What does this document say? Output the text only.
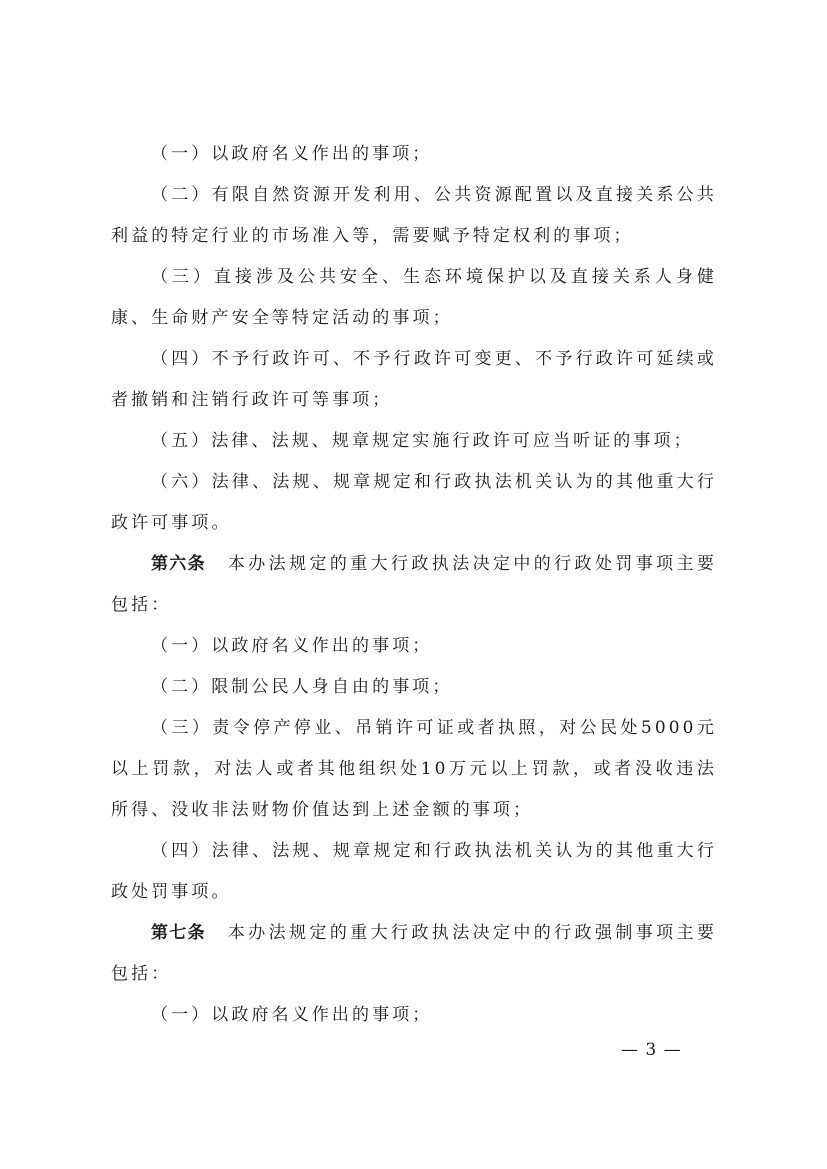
（一）以政府名义作出的事项；

（二）有限自然资源开发利用、公共资源配置以及直接关系公共利益的特定行业的市场准入等，需要赋予特定权利的事项；

（三）直接涉及公共安全、生态环境保护以及直接关系人身健康、生命财产安全等特定活动的事项；

（四）不予行政许可、不予行政许可变更、不予行政许可延续或者撤销和注销行政许可等事项；

（五）法律、法规、规章规定实施行政许可应当听证的事项；

（六）法律、法规、规章规定和行政执法机关认为的其他重大行政许可事项。

第六条 本办法规定的重大行政执法决定中的行政处罚事项主要包括：

（一）以政府名义作出的事项；

（二）限制公民人身自由的事项；

（三）责令停产停业、吊销许可证或者执照，对公民处5000元以上罚款，对法人或者其他组织处10万元以上罚款，或者没收违法所得、没收非法财物价值达到上述金额的事项；

（四）法律、法规、规章规定和行政执法机关认为的其他重大行政处罚事项。

第七条 本办法规定的重大行政执法决定中的行政强制事项主要包括：

（一）以政府名义作出的事项；

— 3 —
